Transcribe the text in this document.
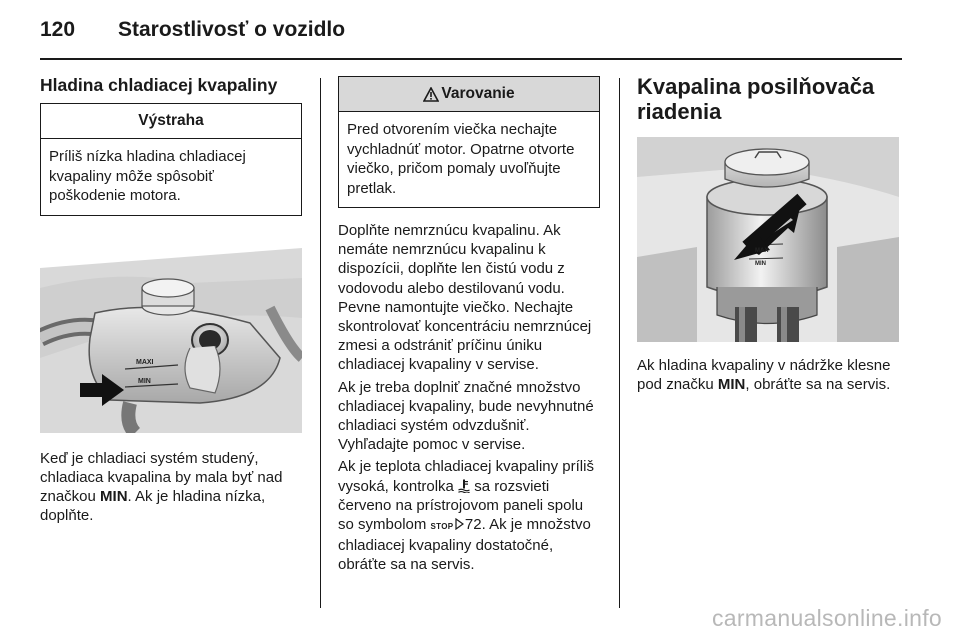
120 Starostlivosť o vozidlo
Hladina chladiacej kvapaliny
Výstraha
Príliš nízka hladina chladiacej kvapaliny môže spôsobiť poškodenie motora.
MAXI
MIN

Keď je chladiaci systém studený, chladiaca kvapalina by mala byť nad značkou MIN. Ak je hladina nízka, doplňte.

Varovanie
Pred otvorením viečka nechajte vychladnúť motor. Opatrne otvorte viečko, pričom pomaly uvoľňujte pretlak.

Doplňte nemrznúcu kvapalinu. Ak nemáte nemrznúcu kvapalinu k dispozícii, doplňte len čistú vodu z vodovodu alebo destilovanú vodu. Pevne namontujte viečko. Nechajte skontrolovať koncentráciu nemrznúcej zmesi a odstrániť príčinu úniku chladiacej kvapaliny v servise.

Ak je treba doplniť značné množstvo chladiacej kvapaliny, bude nevyhnutné chladiaci systém odvzdušniť. Vyhľadajte pomoc v servise.

Ak je teplota chladiacej kvapaliny príliš vysoká, kontrolka  sa rozsvieti červeno na prístrojovom paneli spolu so symbolom STOP   72. Ak je množstvo chladiacej kvapaliny dostatočné, obráťte sa na servis.

Kvapalina posilňovača riadenia
MAX
MIN

Ak hladina kvapaliny v nádržke klesne pod značku MIN, obráťte sa na servis.

carmanualsonline.info
